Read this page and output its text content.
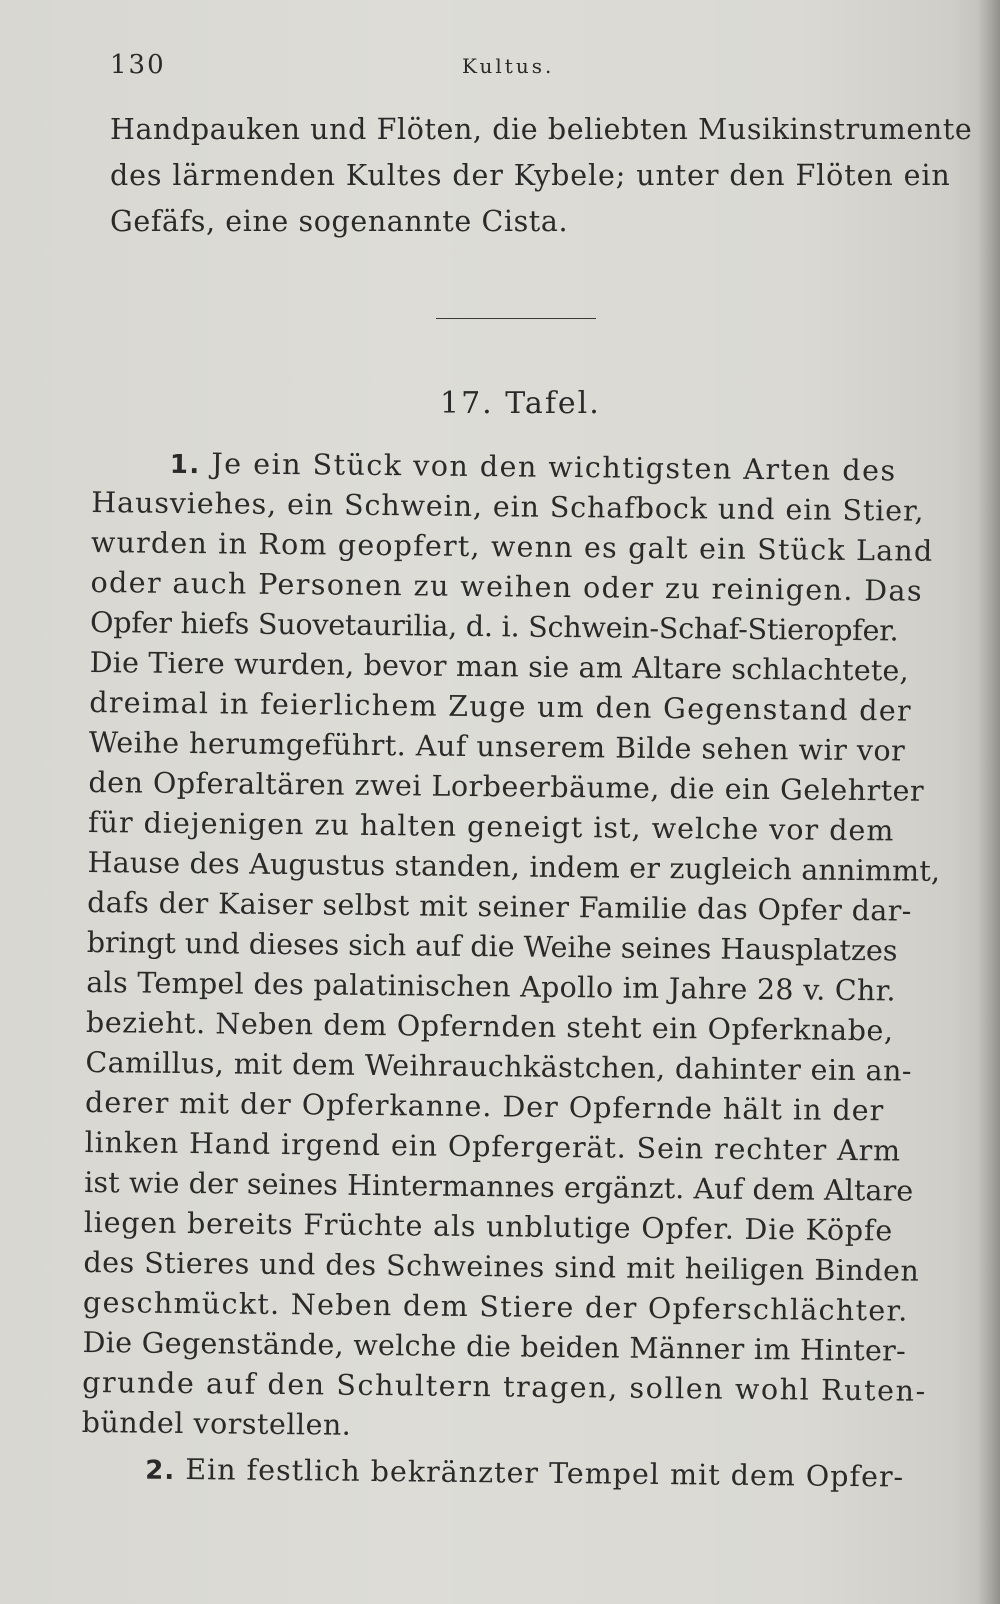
130	Kultus.
Handpauken und Flöten, die beliebten Musikinstrumente
des lärmenden Kultes der Kybele; unter den Flöten ein
Gefäfs, eine sogenannte Cista.
17. Tafel.
1. Je ein Stück von den wichtigsten Arten des
Hausviehes, ein Schwein, ein Schafbock und ein Stier,
wurden in Rom geopfert, wenn es galt ein Stück Land
oder auch Personen zu weihen oder zu reinigen. Das
Opfer hiefs Suovetaurilia, d. i. Schwein-Schaf-Stieropfer.
Die Tiere wurden, bevor man sie am Altare schlachtete,
dreimal in feierlichem Zuge um den Gegenstand der
Weihe herumgeführt. Auf unserem Bilde sehen wir vor
den Opferaltären zwei Lorbeerbäume, die ein Gelehrter
für diejenigen zu halten geneigt ist, welche vor dem
Hause des Augustus standen, indem er zugleich annimmt,
dafs der Kaiser selbst mit seiner Familie das Opfer dar-
bringt und dieses sich auf die Weihe seines Hausplatzes
als Tempel des palatinischen Apollo im Jahre 28 v. Chr.
bezieht. Neben dem Opfernden steht ein Opferknabe,
Camillus, mit dem Weihrauchkästchen, dahinter ein an-
derer mit der Opferkanne. Der Opfernde hält in der
linken Hand irgend ein Opfergerät. Sein rechter Arm
ist wie der seines Hintermannes ergänzt. Auf dem Altare
liegen bereits Früchte als unblutige Opfer. Die Köpfe
des Stieres und des Schweines sind mit heiligen Binden
geschmückt. Neben dem Stiere der Opferschlächter.
Die Gegenstände, welche die beiden Männer im Hinter-
grunde auf den Schultern tragen, sollen wohl Ruten-
bündel vorstellen.
2. Ein festlich bekränzter Tempel mit dem Opfer-
